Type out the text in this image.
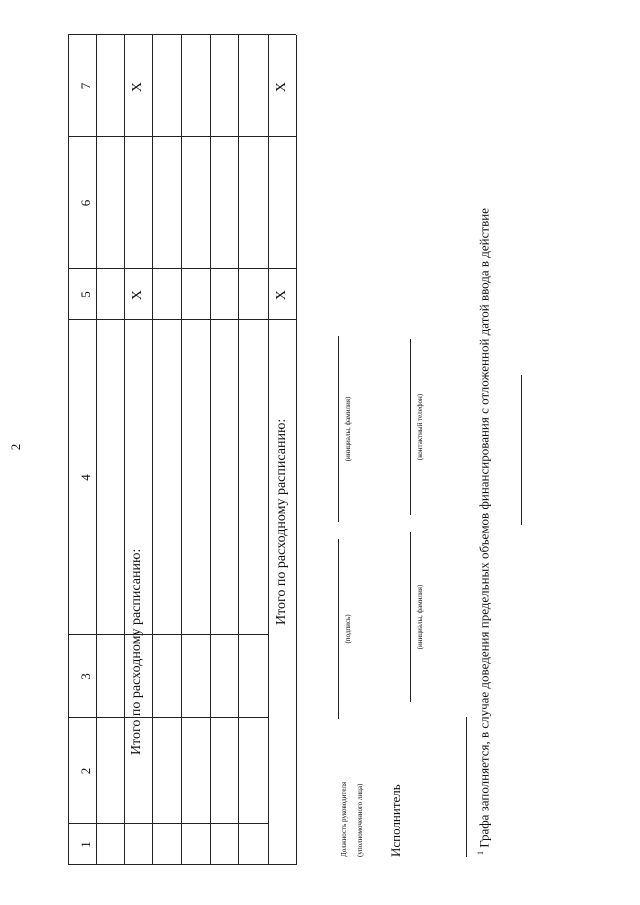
2
1
2
3
4
5
6
7
Итого по расходному расписанию:
X
X
Итого по расходному расписанию:
X
X
Должность руководителя (уполномоченного лица)
(подпись)
(инициалы, фамилия)
Исполнитель
(инициалы, фамилия)
(контактный телефон)
$^1$ Графа заполняется, в случае доведения предельных объемов финансирования с отложенной датой ввода в действие
